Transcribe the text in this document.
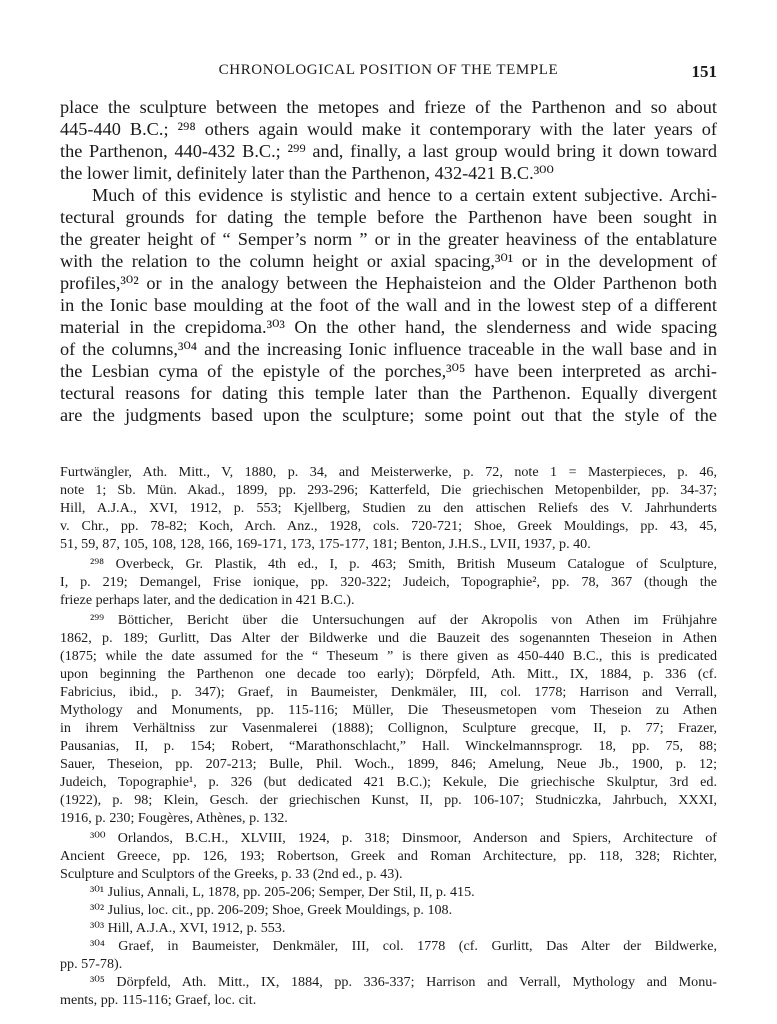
CHRONOLOGICAL POSITION OF THE TEMPLE	151
place the sculpture between the metopes and frieze of the Parthenon and so about
445-440 B.C.; ²⁹⁸ others again would make it contemporary with the later years of
the Parthenon, 440-432 B.C.; ²⁹⁹ and, finally, a last group would bring it down toward
the lower limit, definitely later than the Parthenon, 432-421 B.C.³⁰⁰
Much of this evidence is stylistic and hence to a certain extent subjective. Archi-
tectural grounds for dating the temple before the Parthenon have been sought in
the greater height of “ Semper’s norm ” or in the greater heaviness of the entablature
with the relation to the column height or axial spacing,³⁰¹ or in the development of
profiles,³⁰² or in the analogy between the Hephaisteion and the Older Parthenon both
in the Ionic base moulding at the foot of the wall and in the lowest step of a different
material in the crepidoma.³⁰³ On the other hand, the slenderness and wide spacing
of the columns,³⁰⁴ and the increasing Ionic influence traceable in the wall base and in
the Lesbian cyma of the epistyle of the porches,³⁰⁵ have been interpreted as archi-
tectural reasons for dating this temple later than the Parthenon. Equally divergent
are the judgments based upon the sculpture; some point out that the style of the
Furtwängler, Ath. Mitt., V, 1880, p. 34, and Meisterwerke, p. 72, note 1 = Masterpieces, p. 46,
note 1; Sb. Mün. Akad., 1899, pp. 293-296; Katterfeld, Die griechischen Metopenbilder, pp. 34-37;
Hill, A.J.A., XVI, 1912, p. 553; Kjellberg, Studien zu den attischen Reliefs des V. Jahrhunderts
v. Chr., pp. 78-82; Koch, Arch. Anz., 1928, cols. 720-721; Shoe, Greek Mouldings, pp. 43, 45,
51, 59, 87, 105, 108, 128, 166, 169-171, 173, 175-177, 181; Benton, J.H.S., LVII, 1937, p. 40.
²⁹⁸ Overbeck, Gr. Plastik, 4th ed., I, p. 463; Smith, British Museum Catalogue of Sculpture,
I, p. 219; Demangel, Frise ionique, pp. 320-322; Judeich, Topographie², pp. 78, 367 (though the
frieze perhaps later, and the dedication in 421 B.C.).
²⁹⁹ Bötticher, Bericht über die Untersuchungen auf der Akropolis von Athen im Frühjahre
1862, p. 189; Gurlitt, Das Alter der Bildwerke und die Bauzeit des sogenannten Theseion in Athen
(1875; while the date assumed for the “ Theseum ” is there given as 450-440 B.C., this is predicated
upon beginning the Parthenon one decade too early); Dörpfeld, Ath. Mitt., IX, 1884, p. 336 (cf.
Fabricius, ibid., p. 347); Graef, in Baumeister, Denkmäler, III, col. 1778; Harrison and Verrall,
Mythology and Monuments, pp. 115-116; Müller, Die Theseusmetopen vom Theseion zu Athen
in ihrem Verhältniss zur Vasenmalerei (1888); Collignon, Sculpture grecque, II, p. 77; Frazer,
Pausanias, II, p. 154; Robert, “Marathonschlacht,” Hall. Winckelmannsprogr. 18, pp. 75, 88;
Sauer, Theseion, pp. 207-213; Bulle, Phil. Woch., 1899, 846; Amelung, Neue Jb., 1900, p. 12;
Judeich, Topographie¹, p. 326 (but dedicated 421 B.C.); Kekule, Die griechische Skulptur, 3rd ed.
(1922), p. 98; Klein, Gesch. der griechischen Kunst, II, pp. 106-107; Studniczka, Jahrbuch, XXXI,
1916, p. 230; Fougères, Athènes, p. 132.
³⁰⁰ Orlandos, B.C.H., XLVIII, 1924, p. 318; Dinsmoor, Anderson and Spiers, Architecture of
Ancient Greece, pp. 126, 193; Robertson, Greek and Roman Architecture, pp. 118, 328; Richter,
Sculpture and Sculptors of the Greeks, p. 33 (2nd ed., p. 43).
³⁰¹ Julius, Annali, L, 1878, pp. 205-206; Semper, Der Stil, II, p. 415.
³⁰² Julius, loc. cit., pp. 206-209; Shoe, Greek Mouldings, p. 108.
³⁰³ Hill, A.J.A., XVI, 1912, p. 553.
³⁰⁴ Graef, in Baumeister, Denkmäler, III, col. 1778 (cf. Gurlitt, Das Alter der Bildwerke,
pp. 57-78).
³⁰⁵ Dörpfeld, Ath. Mitt., IX, 1884, pp. 336-337; Harrison and Verrall, Mythology and Monu-
ments, pp. 115-116; Graef, loc. cit.
